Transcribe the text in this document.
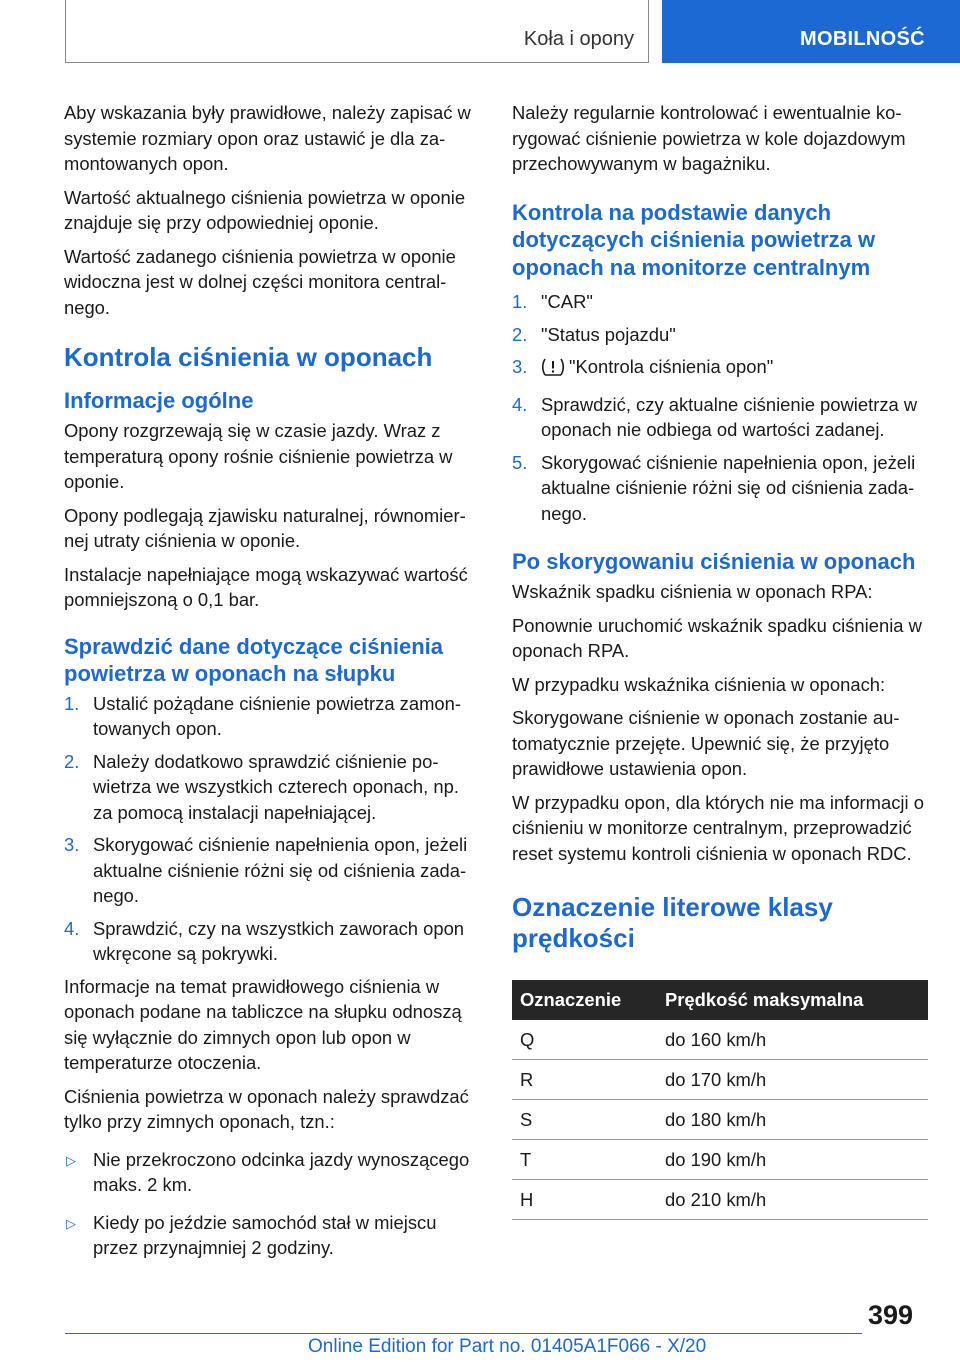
Koła i opony	MOBILNOŚĆ

Aby wskazania były prawidłowe, należy zapisać w systemie rozmiary opon oraz ustawić je dla zamontowanych opon.

Wartość aktualnego ciśnienia powietrza w oponie znajduje się przy odpowiedniej oponie.

Wartość zadanego ciśnienia powietrza w oponie widoczna jest w dolnej części monitora centralnego.

Kontrola ciśnienia w oponach
Informacje ogólne

Opony rozgrzewają się w czasie jazdy. Wraz z temperaturą opony rośnie ciśnienie powietrza w oponie.

Opony podlegają zjawisku naturalnej, równomiernej utraty ciśnienia w oponie.

Instalacje napełniające mogą wskazywać wartość pomniejszoną o 0,1 bar.

Sprawdzić dane dotyczące ciśnienia powietrza w oponach na słupku
1. Ustalić pożądane ciśnienie powietrza zamontowanych opon.
2. Należy dodatkowo sprawdzić ciśnienie powietrza we wszystkich czterech oponach, np. za pomocą instalacji napełniającej.
3. Skorygować ciśnienie napełnienia opon, jeżeli aktualne ciśnienie różni się od ciśnienia zadanego.
4. Sprawdzić, czy na wszystkich zaworach opon wkręcone są pokrywki.

Informacje na temat prawidłowego ciśnienia w oponach podane na tabliczce na słupku odnoszą się wyłącznie do zimnych opon lub opon w temperaturze otoczenia.

Ciśnienia powietrza w oponach należy sprawdzać tylko przy zimnych oponach, tzn.:

▷ Nie przekroczono odcinka jazdy wynoszącego maks. 2 km.
▷ Kiedy po jeździe samochód stał w miejscu przez przynajmniej 2 godziny.

Należy regularnie kontrolować i ewentualnie korygować ciśnienie powietrza w kole dojazdowym przechowywanym w bagażniku.

Kontrola na podstawie danych dotyczących ciśnienia powietrza w oponach na monitorze centralnym
1. "CAR"
2. "Status pojazdu"
3. "Kontrola ciśnienia opon"
4. Sprawdzić, czy aktualne ciśnienie powietrza w oponach nie odbiega od wartości zadanej.
5. Skorygować ciśnienie napełnienia opon, jeżeli aktualne ciśnienie różni się od ciśnienia zadanego.
Po skorygowaniu ciśnienia w oponach

Wskaźnik spadku ciśnienia w oponach RPA:

Ponownie uruchomić wskaźnik spadku ciśnienia w oponach RPA.

W przypadku wskaźnika ciśnienia w oponach:

Skorygowane ciśnienie w oponach zostanie automatycznie przejęte. Upewnić się, że przyjęto prawidłowe ustawienia opon.

W przypadku opon, dla których nie ma informacji o ciśnieniu w monitorze centralnym, przeprowadzić reset systemu kontroli ciśnienia w oponach RDC.

Oznaczenie literowe klasy prędkości
Oznaczenie	Prędkość maksymalna
Q	do 160 km/h
R	do 170 km/h
S	do 180 km/h
T	do 190 km/h
H	do 210 km/h
399
Online Edition for Part no. 01405A1F066 - X/20
